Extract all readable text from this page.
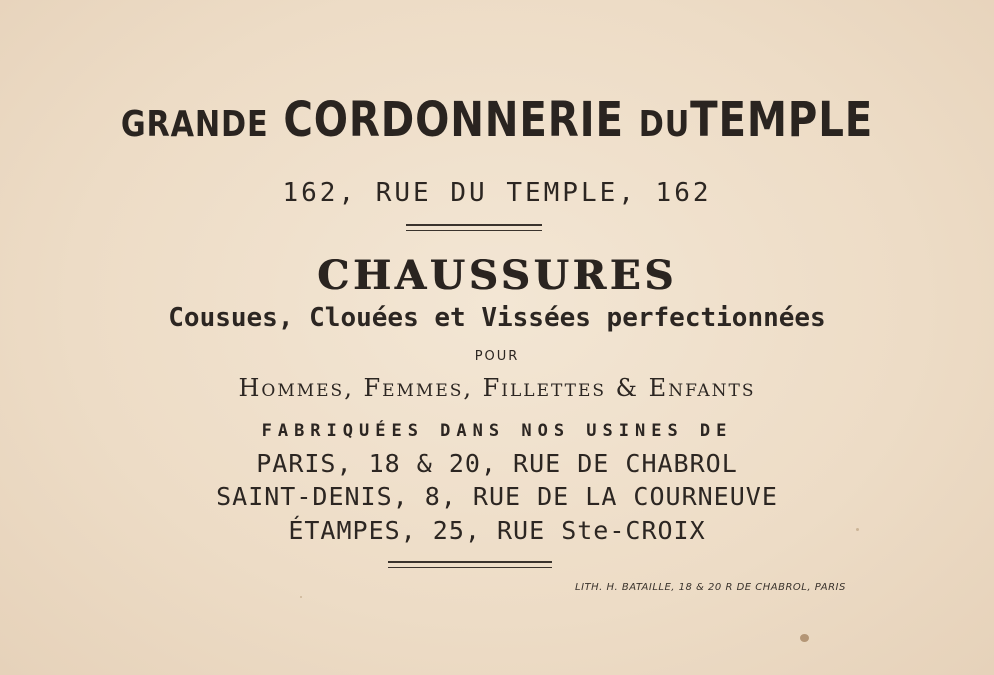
GRANDE CORDONNERIE DUTEMPLE
162, RUE DU TEMPLE, 162
CHAUSSURES
Cousues, Clouées et Vissées perfectionnées
POUR
Hommes, Femmes, Fillettes & Enfants
FABRIQUÉES DANS NOS USINES DE
PARIS, 18 & 20, RUE DE CHABROL
SAINT-DENIS, 8, RUE DE LA COURNEUVE
ÉTAMPES, 25, RUE Ste-CROIX
LITH. H. BATAILLE, 18 & 20 R DE CHABROL, PARIS
